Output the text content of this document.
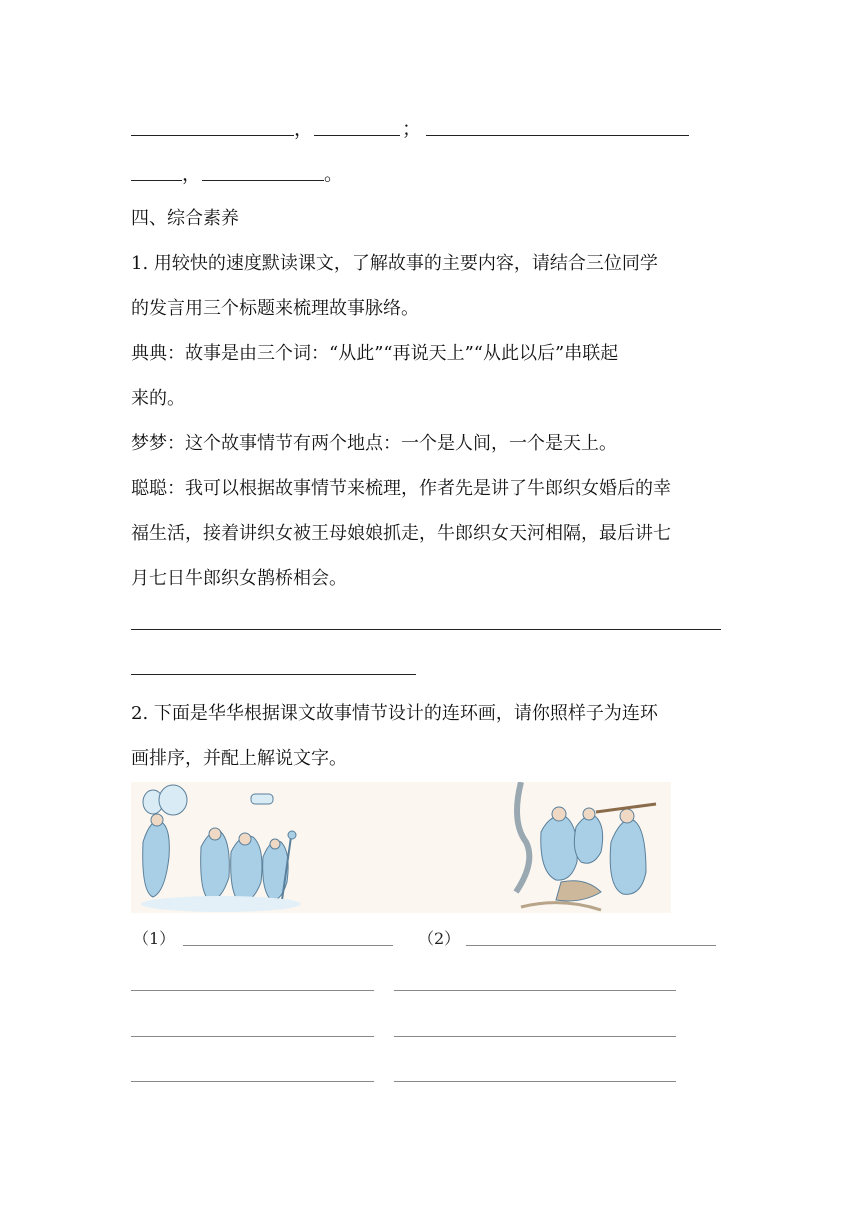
，	；
，	。
四、综合素养
1. 用较快的速度默读课文，了解故事的主要内容，请结合三位同学
的发言用三个标题来梳理故事脉络。
典典：故事是由三个词：“从此”“再说天上”“从此以后”串联起
来的。
梦梦：这个故事情节有两个地点：一个是人间，一个是天上。
聪聪：我可以根据故事情节来梳理，作者先是讲了牛郎织女婚后的幸
福生活，接着讲织女被王母娘娘抓走，牛郎织女天河相隔，最后讲七
月七日牛郎织女鹊桥相会。
2. 下面是华华根据课文故事情节设计的连环画，请你照样子为连环
画排序，并配上解说文字。
（1）	（2）
